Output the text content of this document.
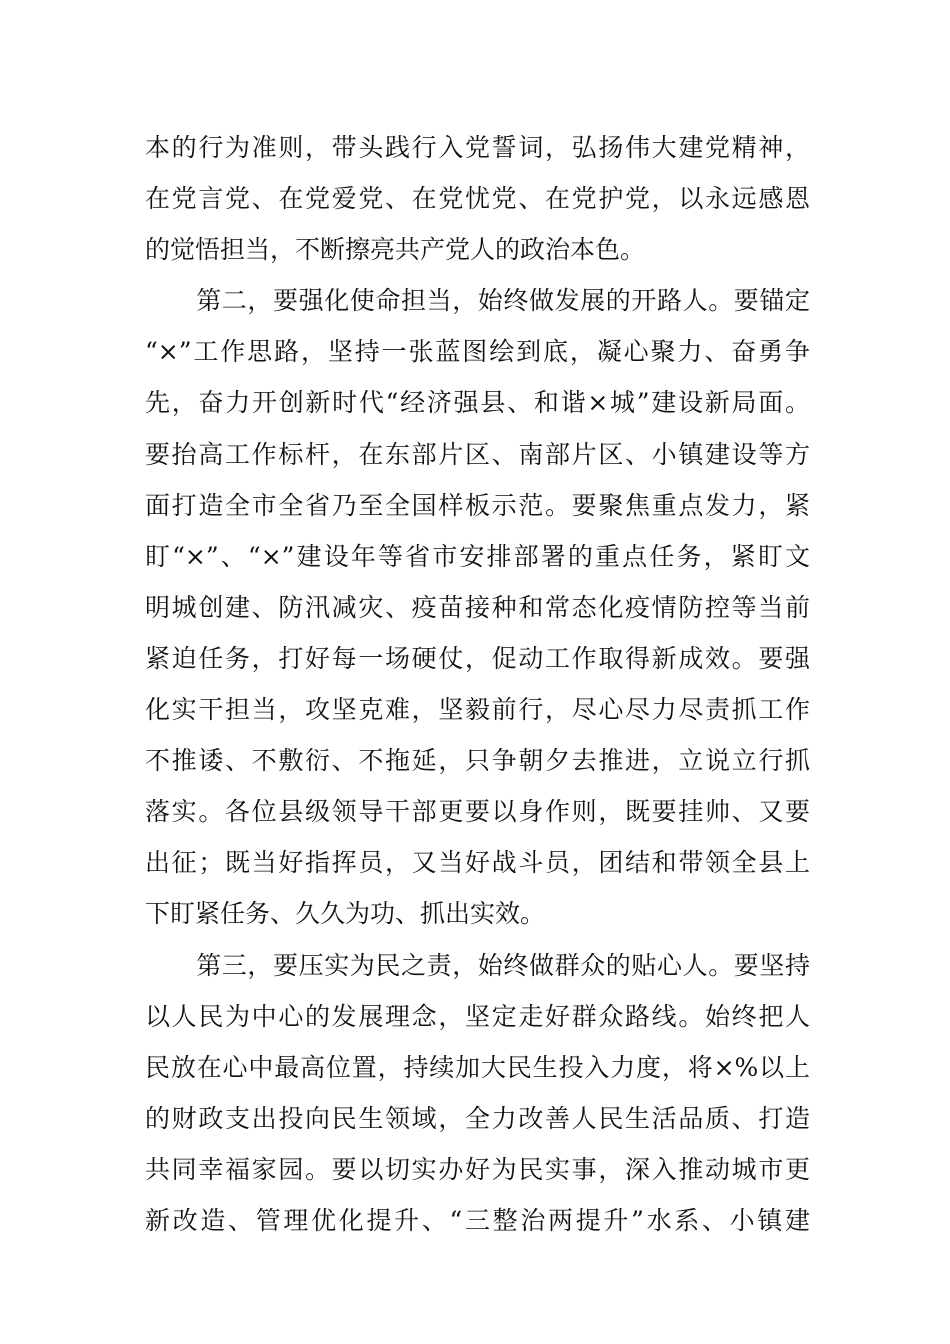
本的行为准则，带头践行入党誓词，弘扬伟大建党精神，
在党言党、在党爱党、在党忧党、在党护党，以永远感恩
的觉悟担当，不断擦亮共产党人的政治本色。
　　第二，要强化使命担当，始终做发展的开路人。要锚定
“×”工作思路，坚持一张蓝图绘到底，凝心聚力、奋勇争
先，奋力开创新时代“经济强县、和谐×城”建设新局面。
要抬高工作标杆，在东部片区、南部片区、小镇建设等方
面打造全市全省乃至全国样板示范。要聚焦重点发力，紧
盯“×”、“×”建设年等省市安排部署的重点任务，紧盯文
明城创建、防汛减灾、疫苗接种和常态化疫情防控等当前
紧迫任务，打好每一场硬仗，促动工作取得新成效。要强
化实干担当，攻坚克难，坚毅前行，尽心尽力尽责抓工作
不推诿、不敷衍、不拖延，只争朝夕去推进，立说立行抓
落实。各位县级领导干部更要以身作则，既要挂帅、又要
出征；既当好指挥员，又当好战斗员，团结和带领全县上
下盯紧任务、久久为功、抓出实效。
　　第三，要压实为民之责，始终做群众的贴心人。要坚持
以人民为中心的发展理念，坚定走好群众路线。始终把人
民放在心中最高位置，持续加大民生投入力度，将×%以上
的财政支出投向民生领域，全力改善人民生活品质、打造
共同幸福家园。要以切实办好为民实事，深入推动城市更
新改造、管理优化提升、“三整治两提升”水系、小镇建
